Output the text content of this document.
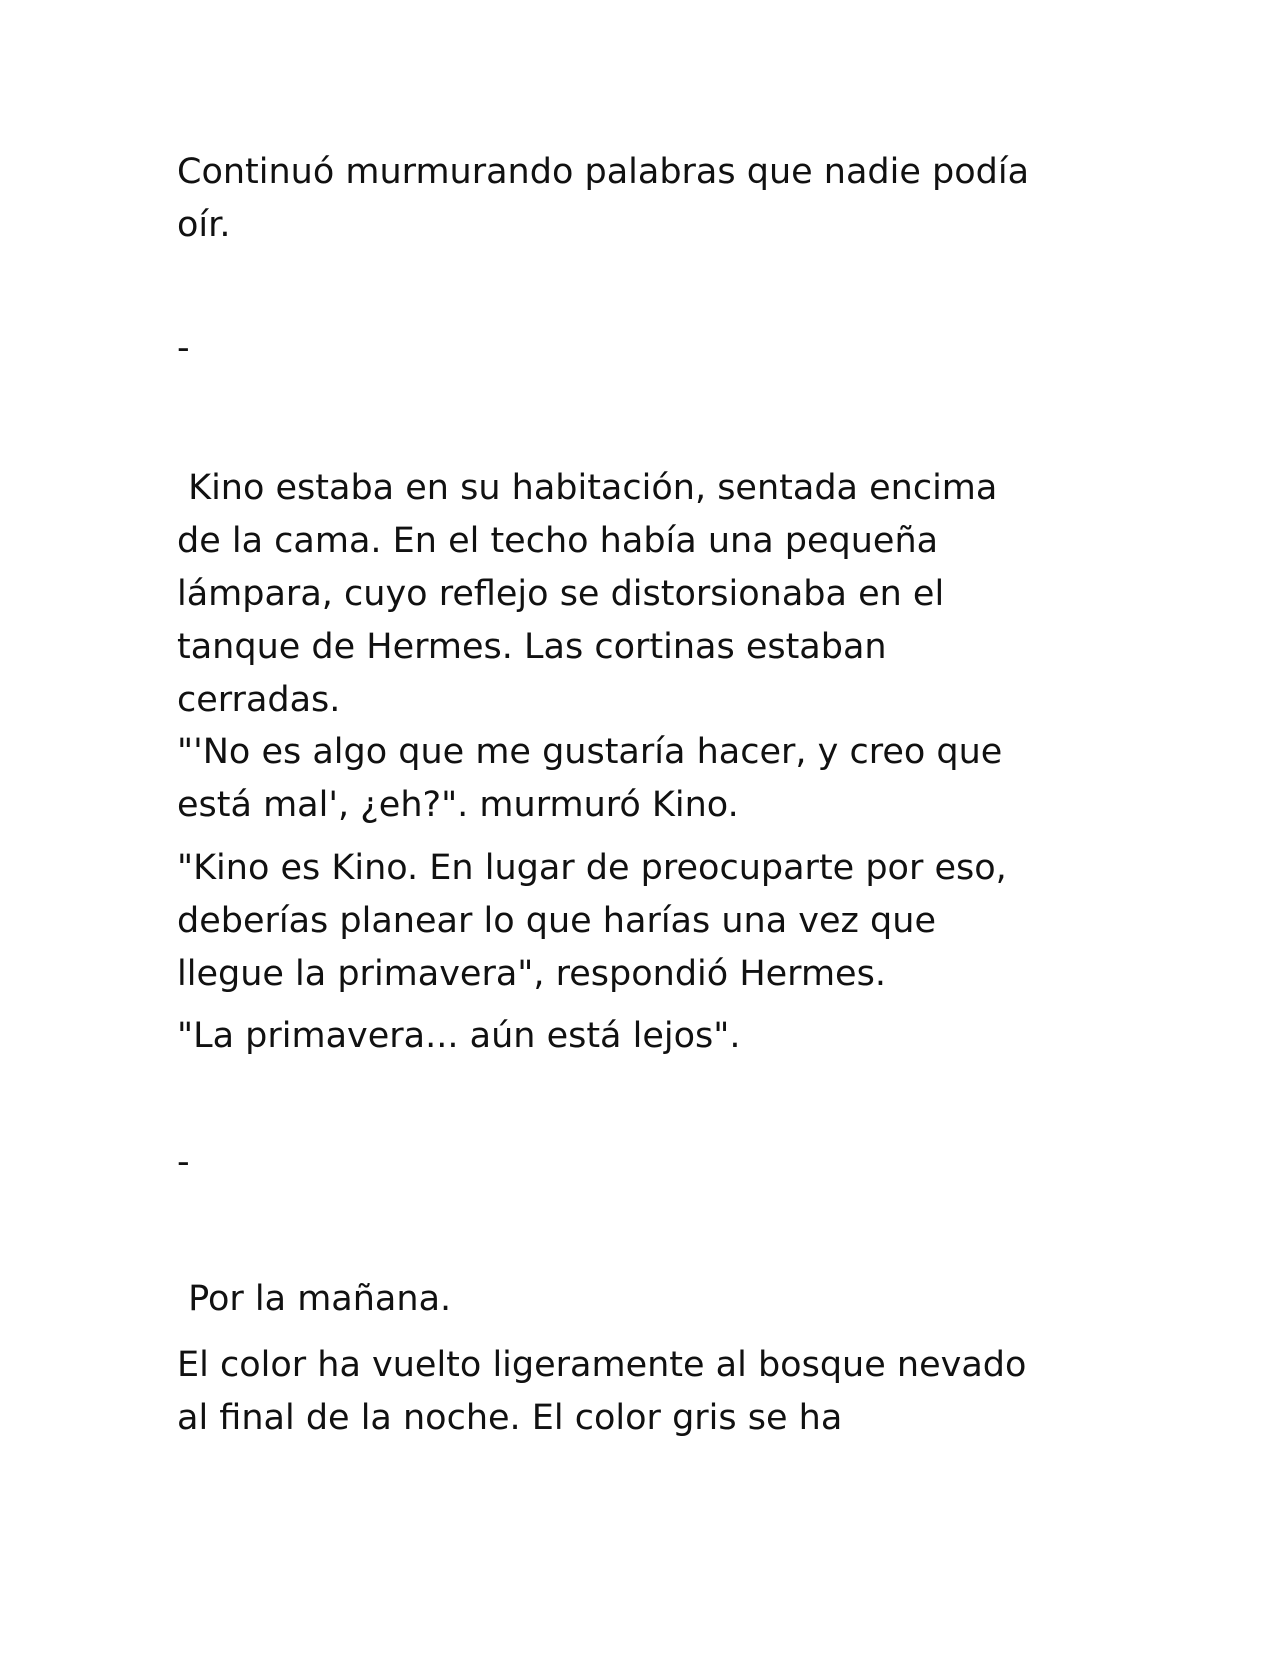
Continuó murmurando palabras que nadie podía
oír.

-

Kino estaba en su habitación, sentada encima
de la cama. En el techo había una pequeña
lámpara, cuyo reflejo se distorsionaba en el
tanque de Hermes. Las cortinas estaban
cerradas.

"'No es algo que me gustaría hacer, y creo que
está mal', ¿eh?". murmuró Kino.

"Kino es Kino. En lugar de preocuparte por eso,
deberías planear lo que harías una vez que
llegue la primavera", respondió Hermes.

"La primavera... aún está lejos".

-

Por la mañana.

El color ha vuelto ligeramente al bosque nevado
al final de la noche. El color gris se ha
